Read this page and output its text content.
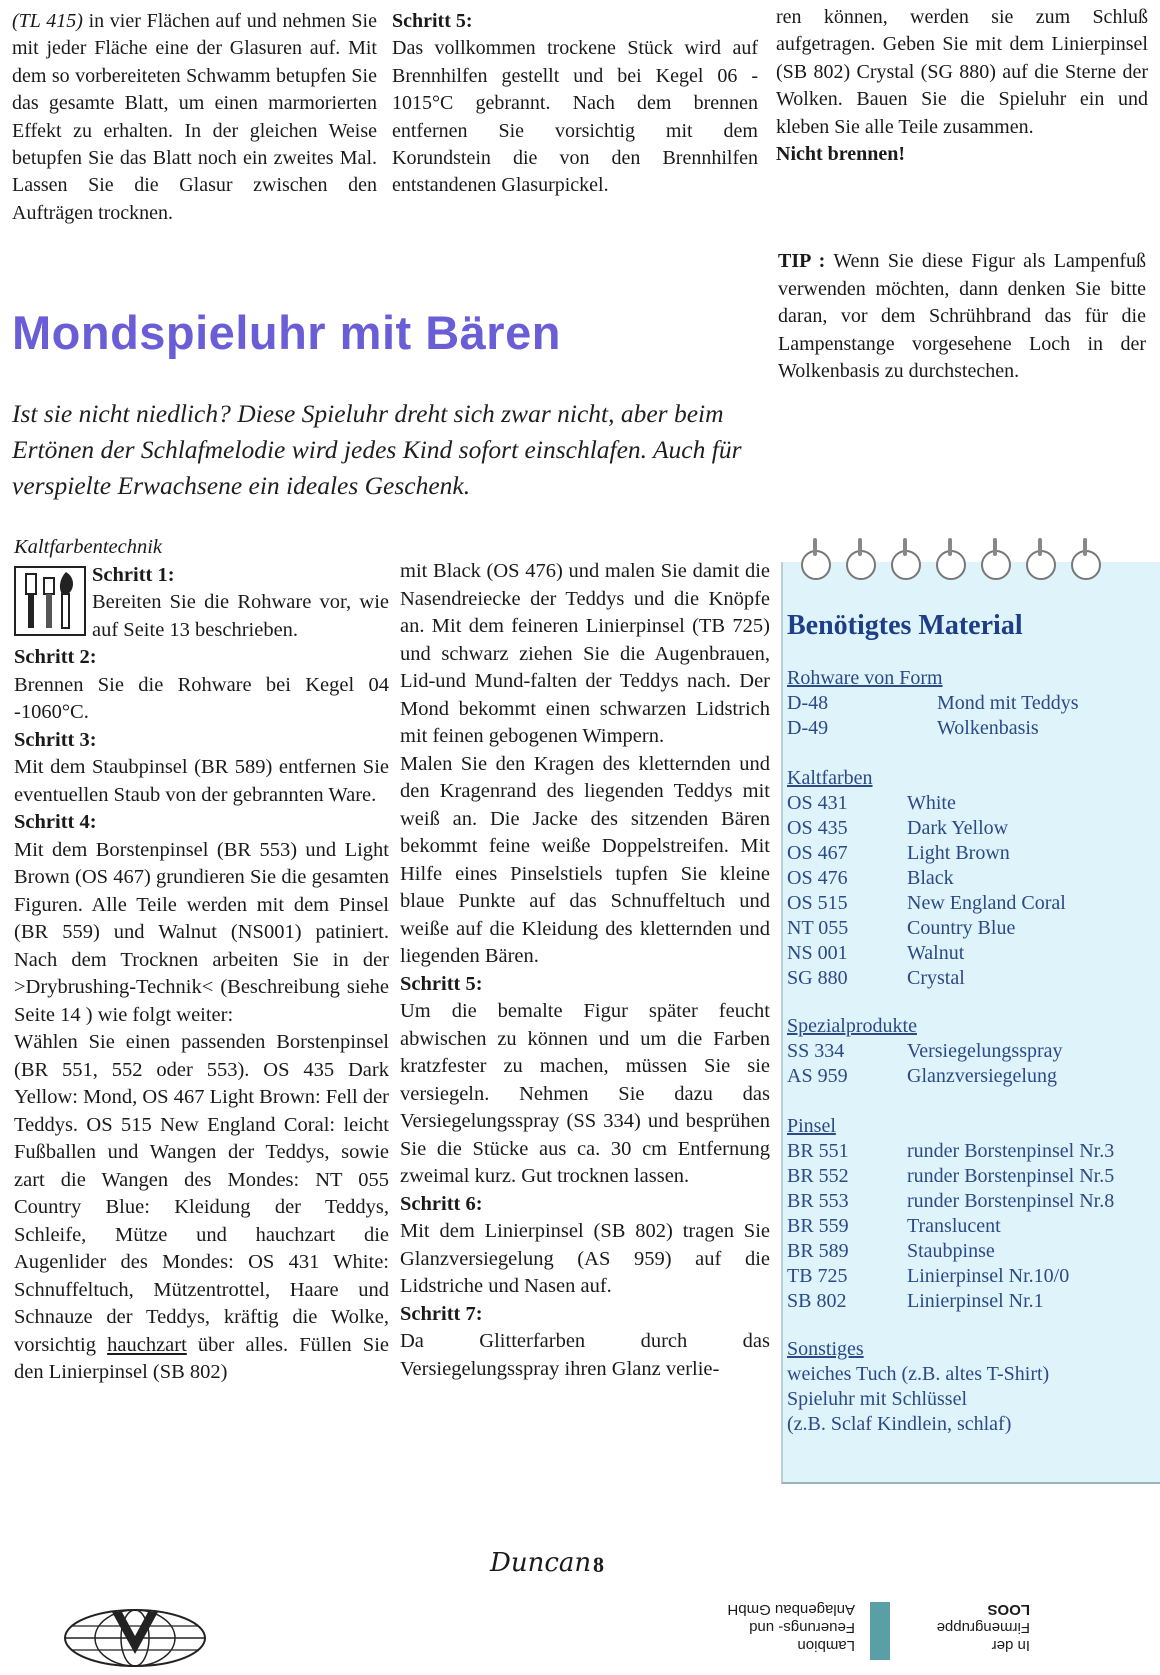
(TL 415) in vier Flächen auf und nehmen Sie mit jeder Fläche eine der Glasuren auf. Mit dem so vorbereiteten Schwamm betupfen Sie das gesamte Blatt, um einen marmorierten Effekt zu erhalten. In der gleichen Weise betupfen Sie das Blatt noch ein zweites Mal. Lassen Sie die Glasur zwischen den Aufträgen trocknen.

Schritt 5:

Das vollkommen trockene Stück wird auf Brennhilfen gestellt und bei Kegel 06 - 1015°C gebrannt. Nach dem brennen entfernen Sie vorsichtig mit dem Korundstein die von den Brennhilfen entstandenen Glasurpickel.

ren können, werden sie zum Schluß aufgetragen. Geben Sie mit dem Linierpinsel (SB 802) Crystal (SG 880) auf die Sterne der Wolken. Bauen Sie die Spieluhr ein und kleben Sie alle Teile zusammen.

Nicht brennen!

TIP : Wenn Sie diese Figur als Lampenfuß verwenden möchten, dann denken Sie bitte daran, vor dem Schrühbrand das für die Lampenstange vorgesehene Loch in der Wolkenbasis zu durchstechen.
Mondspieluhr mit Bären

Ist sie nicht niedlich? Diese Spieluhr dreht sich zwar nicht, aber beim Ertönen der Schlafmelodie wird jedes Kind sofort einschlafen. Auch für verspielte Erwachsene ein ideales Geschenk.

Kaltfarbentechnik

Schritt 1:

Bereiten Sie die Rohware vor, wie auf Seite 13 beschrieben.

Schritt 2:

Brennen Sie die Rohware bei Kegel 04 -1060°C.

Schritt 3:

Mit dem Staubpinsel (BR 589) entfernen Sie eventuellen Staub von der gebrannten Ware.

Schritt 4:

Mit dem Borstenpinsel (BR 553) und Light Brown (OS 467) grundieren Sie die gesamten Figuren. Alle Teile werden mit dem Pinsel (BR 559) und Walnut (NS001) patiniert. Nach dem Trocknen arbeiten Sie in der >Drybrushing-Technik< (Beschreibung siehe Seite 14 ) wie folgt weiter:

Wählen Sie einen passenden Borstenpinsel (BR 551, 552 oder 553). OS 435 Dark Yellow: Mond, OS 467 Light Brown: Fell der Teddys. OS 515 New England Coral: leicht Fußballen und Wangen der Teddys, sowie zart die Wangen des Mondes: NT 055 Country Blue: Kleidung der Teddys, Schleife, Mütze und hauchzart die Augenlider des Mondes: OS 431 White: Schnuffeltuch, Mützentrottel, Haare und Schnauze der Teddys, kräftig die Wolke, vorsichtig hauchzart über alles. Füllen Sie den Linierpinsel (SB 802)

mit Black (OS 476) und malen Sie damit die Nasendreiecke der Teddys und die Knöpfe an. Mit dem feineren Linierpinsel (TB 725) und schwarz ziehen Sie die Augenbrauen, Lid-und Mund-falten der Teddys nach. Der Mond bekommt einen schwarzen Lidstrich mit feinen gebogenen Wimpern.

Malen Sie den Kragen des kletternden und den Kragenrand des liegenden Teddys mit weiß an. Die Jacke des sitzenden Bären bekommt feine weiße Doppelstreifen. Mit Hilfe eines Pinselstiels tupfen Sie kleine blaue Punkte auf das Schnuffeltuch und weiße auf die Kleidung des kletternden und liegenden Bären.

Schritt 5:

Um die bemalte Figur später feucht abwischen zu können und um die Farben kratzfester zu machen, müssen Sie sie versiegeln. Nehmen Sie dazu das Versiegelungsspray (SS 334) und besprühen Sie die Stücke aus ca. 30 cm Entfernung zweimal kurz. Gut trocknen lassen.

Schritt 6:

Mit dem Linierpinsel (SB 802) tragen Sie Glanzversiegelung (AS 959) auf die Lidstriche und Nasen auf.

Schritt 7:

Da Glitterfarben durch das Versiegelungsspray ihren Glanz verlie-

Benötigtes Material
Rohware von Form
D-48	Mond mit Teddys
D-49	Wolkenbasis
Kaltfarben
OS 431	White
OS 435	Dark Yellow
OS 467	Light Brown
OS 476	Black
OS 515	New England Coral
NT 055	Country Blue
NS 001	Walnut
SG 880	Crystal
Spezialprodukte
SS 334	Versiegelungsspray
AS 959	Glanzversiegelung
Pinsel
BR 551	runder Borstenpinsel Nr.3
BR 552	runder Borstenpinsel Nr.5
BR 553	runder Borstenpinsel Nr.8
BR 559	Translucent
BR 589	Staubpinse
TB 725	Linierpinsel Nr.10/0
SB 802	Linierpinsel Nr.1
Sonstiges
weiches Tuch (z.B. altes T-Shirt)
Spieluhr mit Schlüssel
(z.B. Sclaf Kindlein, schlaf)
Duncan 8
In der
Firmengruppe
LOOS
Lambion
Feuerungs- und
Anlagenbau GmbH
